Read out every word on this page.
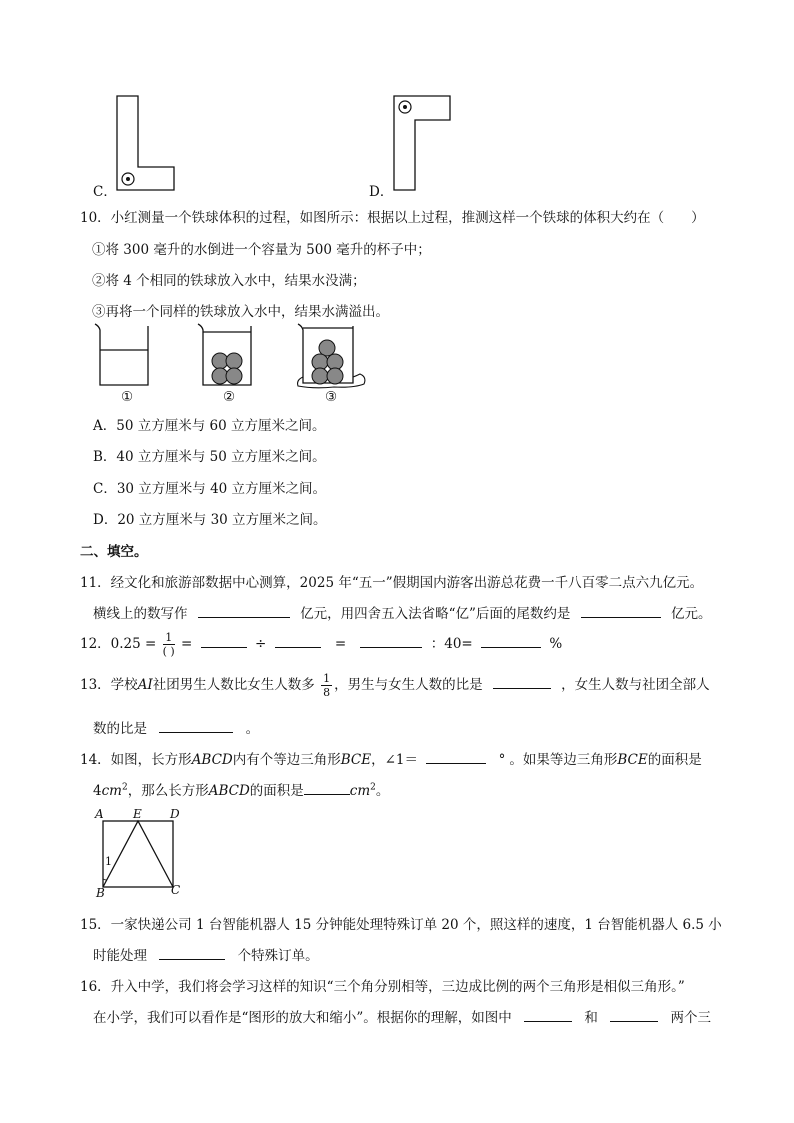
C．	D．
10．小红测量一个铁球体积的过程，如图所示：根据以上过程，推测这样一个铁球的体积大约在（　　）
①将 300 毫升的水倒进一个容量为 500 毫升的杯子中；
②将 4 个相同的铁球放入水中，结果水没满；
③再将一个同样的铁球放入水中，结果水满溢出。
①	②	③
A．50 立方厘米与 60 立方厘米之间。
B．40 立方厘米与 50 立方厘米之间。
C．30 立方厘米与 40 立方厘米之间。
D．20 立方厘米与 30 立方厘米之间。
二、填空。
11．经文化和旅游部数据中心测算，2025 年“五一”假期国内游客出游总花费一千八百零二点六九亿元。
横线上的数写作	亿元，用四舍五入法省略“亿”后面的尾数约是	亿元。
12．$0.25 = \frac{1}{( )}$ =	÷	=	：40=	%
13．学校AI社团男生人数比女生人数多 $\frac{1}{8}$ ，男生与女生人数的比是	，女生人数与社团全部人
数的比是	。
14．如图，长方形ABCD内有个等边三角形BCE，∠1＝	° 。如果等边三角形BCE的面积是
$4cm^2$，那么长方形ABCD的面积是	$cm^2$。
A E D
B	C
1
15．一家快递公司 1 台智能机器人 15 分钟能处理特殊订单 20 个，照这样的速度，1 台智能机器人 6.5 小
时能处理	个特殊订单。
16．升入中学，我们将会学习这样的知识“三个角分别相等，三边成比例的两个三角形是相似三角形。”
在小学，我们可以看作是“图形的放大和缩小”。根据你的理解，如图中	和	两个三
